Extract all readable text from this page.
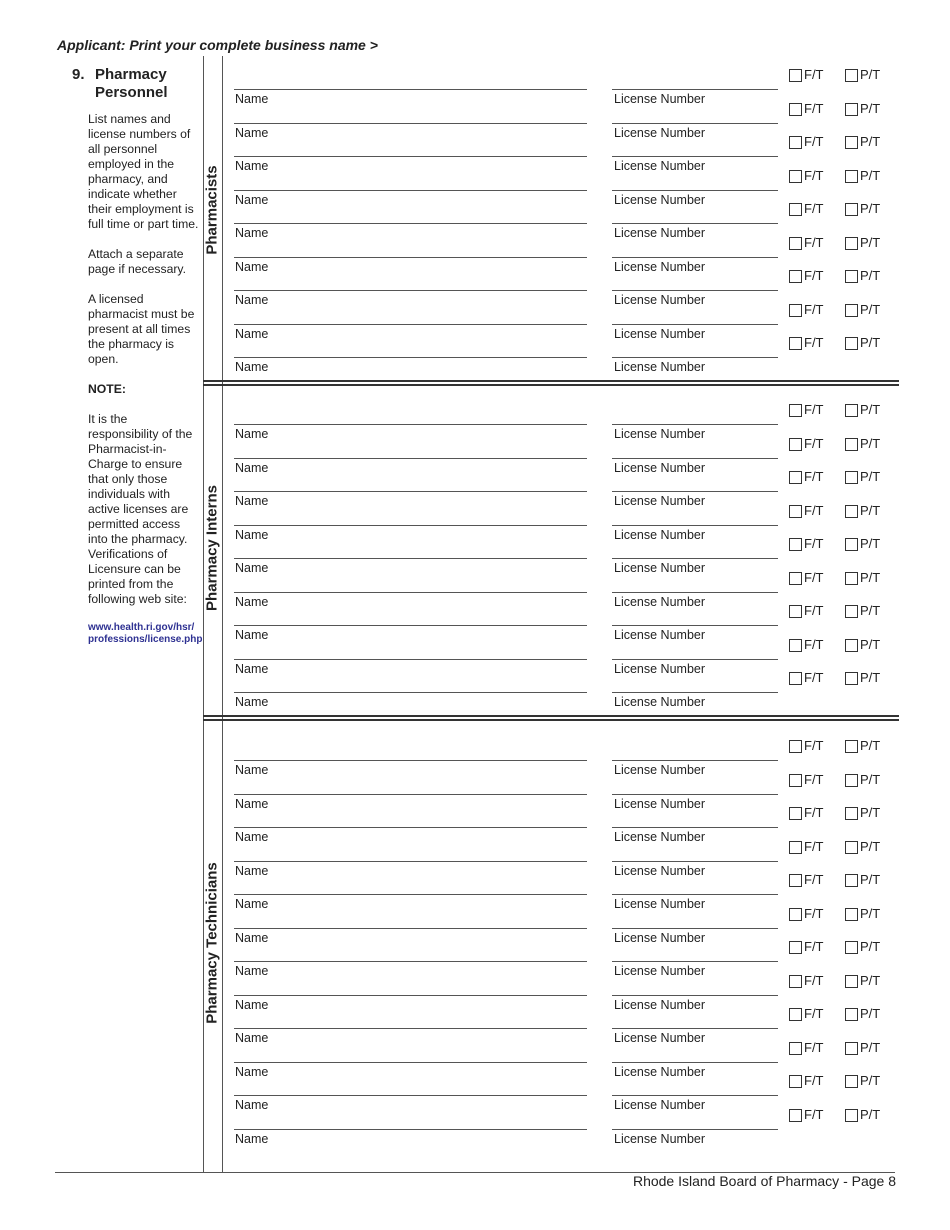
Applicant: Print your complete business name >
9. Pharmacy
Personnel

List names and license numbers of all personnel employed in the pharmacy, and indicate whether their employment is full time or part time.

Attach a separate page if necessary.

A licensed pharmacist must be present at all times the pharmacy is open.

NOTE:

It is the responsibility of the Pharmacist-in-Charge to ensure that only those individuals with active licenses are permitted access into the pharmacy. Verifications of Licensure can be printed from the following web site:

www.health.ri.gov/hsr/
professions/license.php
Pharmacists
Pharmacy Interns
Pharmacy Technicians
Name	License Number
F/T	P/T
Name	License Number
F/T	P/T
Name	License Number
F/T	P/T
Name	License Number
F/T	P/T
Name	License Number
F/T	P/T
Name	License Number
F/T	P/T
Name	License Number
F/T	P/T
Name	License Number
F/T	P/T
Name	License Number
F/T	P/T
Name	License Number
F/T	P/T
Name	License Number
F/T	P/T
Name	License Number
F/T	P/T
Name	License Number
F/T	P/T
Name	License Number
F/T	P/T
Name	License Number
F/T	P/T
Name	License Number
F/T	P/T
Name	License Number
F/T	P/T
Name	License Number
F/T	P/T
Name	License Number
F/T	P/T
Name	License Number
F/T	P/T
Name	License Number
F/T	P/T
Name	License Number
F/T	P/T
Name	License Number
F/T	P/T
Name	License Number
F/T	P/T
Name	License Number
F/T	P/T
Name	License Number
F/T	P/T
Name	License Number
F/T	P/T
Name	License Number
F/T	P/T
Name	License Number
F/T	P/T
Name	License Number
F/T	P/T
Rhode Island Board of Pharmacy - Page 8
